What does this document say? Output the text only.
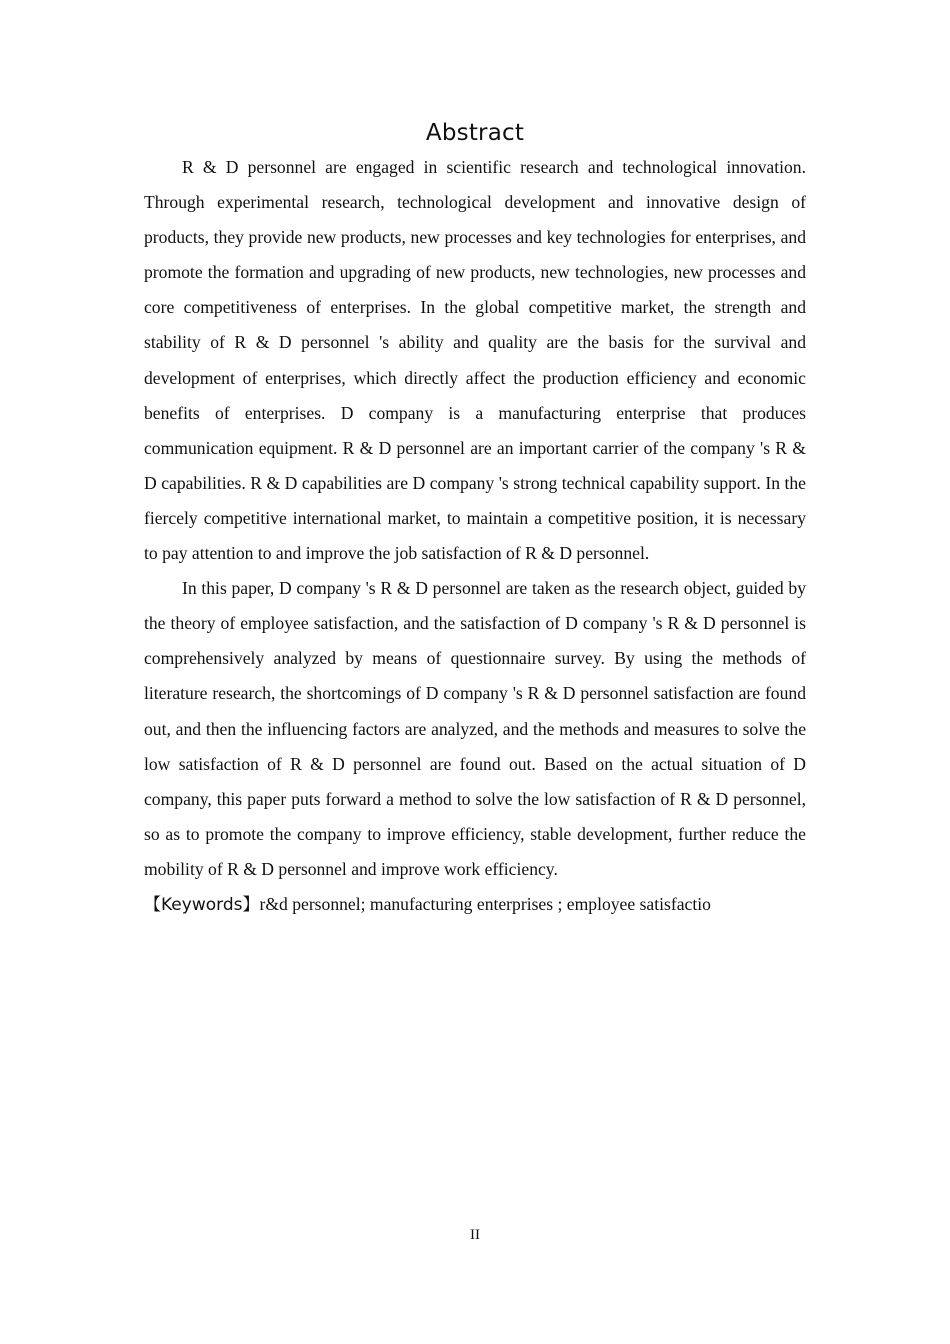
Abstract

R & D personnel are engaged in scientific research and technological innovation. Through experimental research, technological development and innovative design of products, they provide new products, new processes and key technologies for enterprises, and promote the formation and upgrading of new products, new technologies, new processes and core competitiveness of enterprises. In the global competitive market, the strength and stability of R & D personnel 's ability and quality are the basis for the survival and development of enterprises, which directly affect the production efficiency and economic benefits of enterprises. D company is a manufacturing enterprise that produces communication equipment. R & D personnel are an important carrier of the company 's R & D capabilities. R & D capabilities are D company 's strong technical capability support. In the fiercely competitive international market, to maintain a competitive position, it is necessary to pay attention to and improve the job satisfaction of R & D personnel.

In this paper, D company 's R & D personnel are taken as the research object, guided by the theory of employee satisfaction, and the satisfaction of D company 's R & D personnel is comprehensively analyzed by means of questionnaire survey. By using the methods of literature research, the shortcomings of D company 's R & D personnel satisfaction are found out, and then the influencing factors are analyzed, and the methods and measures to solve the low satisfaction of R & D personnel are found out. Based on the actual situation of D company, this paper puts forward a method to solve the low satisfaction of R & D personnel, so as to promote the company to improve efficiency, stable development, further reduce the mobility of R & D personnel and improve work efficiency.

【Keywords】r&d personnel; manufacturing enterprises ; employee satisfactio

II
